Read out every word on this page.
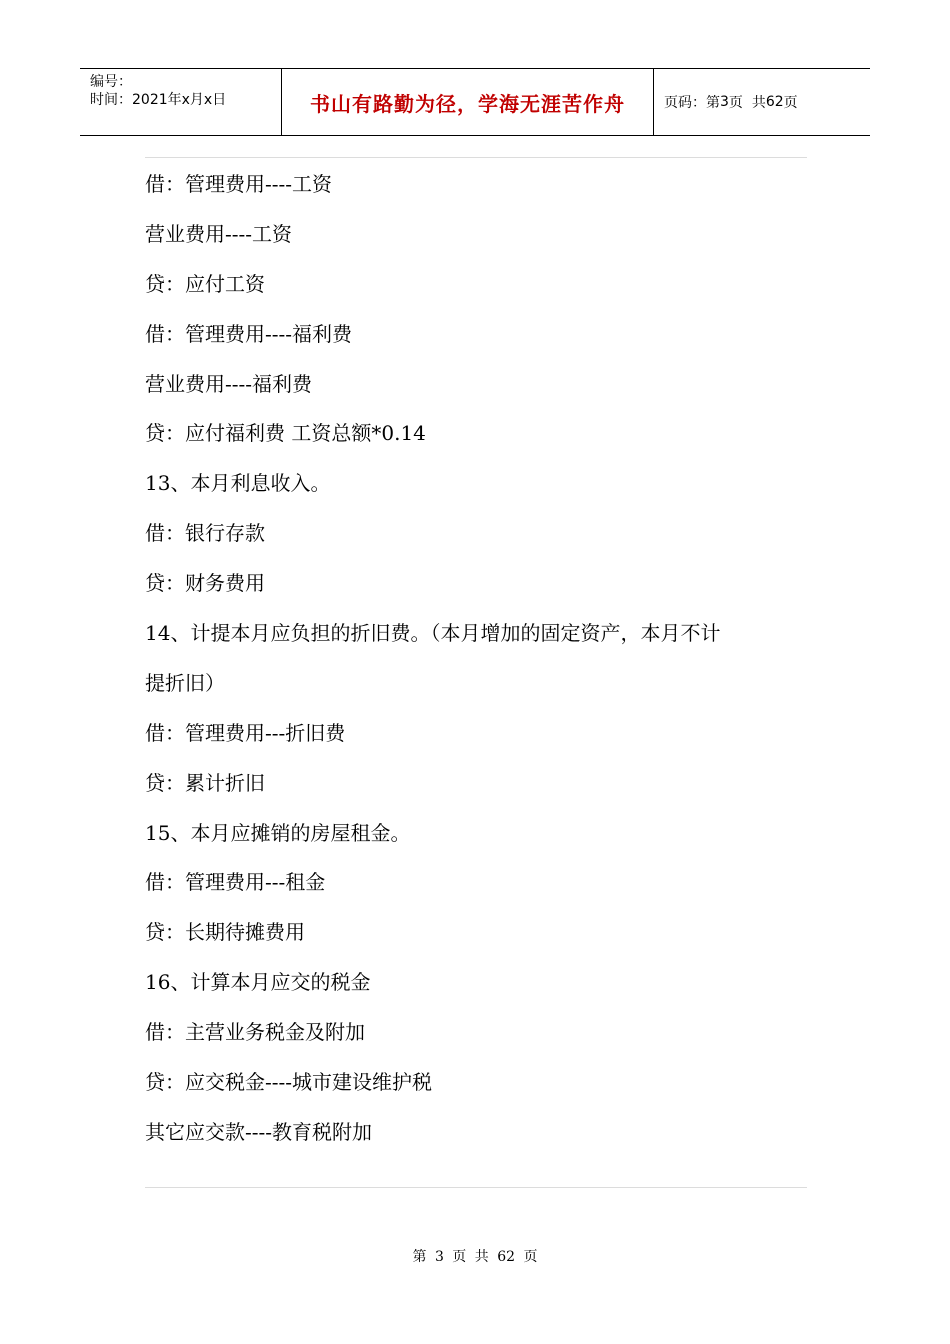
编号：
时间：2021年x月x日	书山有路勤为径，学海无涯苦作舟	页码：第 3 页  共 62 页
借：管理费用----工资
营业费用----工资
贷：应付工资
借：管理费用----福利费
营业费用----福利费
贷：应付福利费 工资总额*0.14
13、本月利息收入。
借：银行存款
贷：财务费用
14、计提本月应负担的折旧费。（本月增加的固定资产，本月不计
提折旧）
借：管理费用---折旧费
贷：累计折旧
15、本月应摊销的房屋租金。
借：管理费用---租金
贷：长期待摊费用
16、计算本月应交的税金
借：主营业务税金及附加
贷：应交税金----城市建设维护税
其它应交款----教育税附加
第 3 页 共 62 页
